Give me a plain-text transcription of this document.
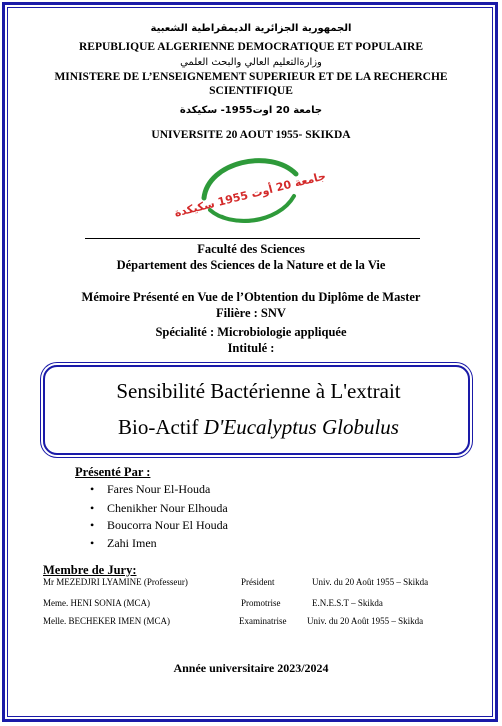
الجمهورية الجزائرية الديمقراطية الشعبية
REPUBLIQUE ALGERIENNE DEMOCRATIQUE ET POPULAIRE
وزارةالتعليم العالي والبحث العلمي
MINISTERE DE L’ENSEIGNEMENT SUPERIEUR ET DE LA RECHERCHE
SCIENTIFIQUE
جامعة 20 اوت1955- سكيكدة
UNIVERSITE 20 AOUT 1955- SKIKDA
جامعة 20 أوت 1955 سكيكدة
Faculté des Sciences
Département des Sciences de la Nature et de la Vie
Mémoire Présenté en Vue de l’Obtention du Diplôme de Master
Filière : SNV
Spécialité : Microbiologie appliquée
Intitulé :
Sensibilité Bactérienne à L'extrait
Bio-Actif D'Eucalyptus Globulus
Présenté Par :
• Fares Nour El-Houda
• Chenikher Nour Elhouda
• Boucorra Nour El Houda
• Zahi Imen
Membre de Jury:
Mr MEZEDJRI LYAMINE (Professeur)	Président	Univ. du 20 Août 1955 – Skikda
Meme. HENI SONIA (MCA)	Promotrise	E.N.E.S.T – Skikda
Melle. BECHEKER IMEN (MCA)	Examinatrise Univ. du 20 Août 1955 – Skikda
Année universitaire 2023/2024
